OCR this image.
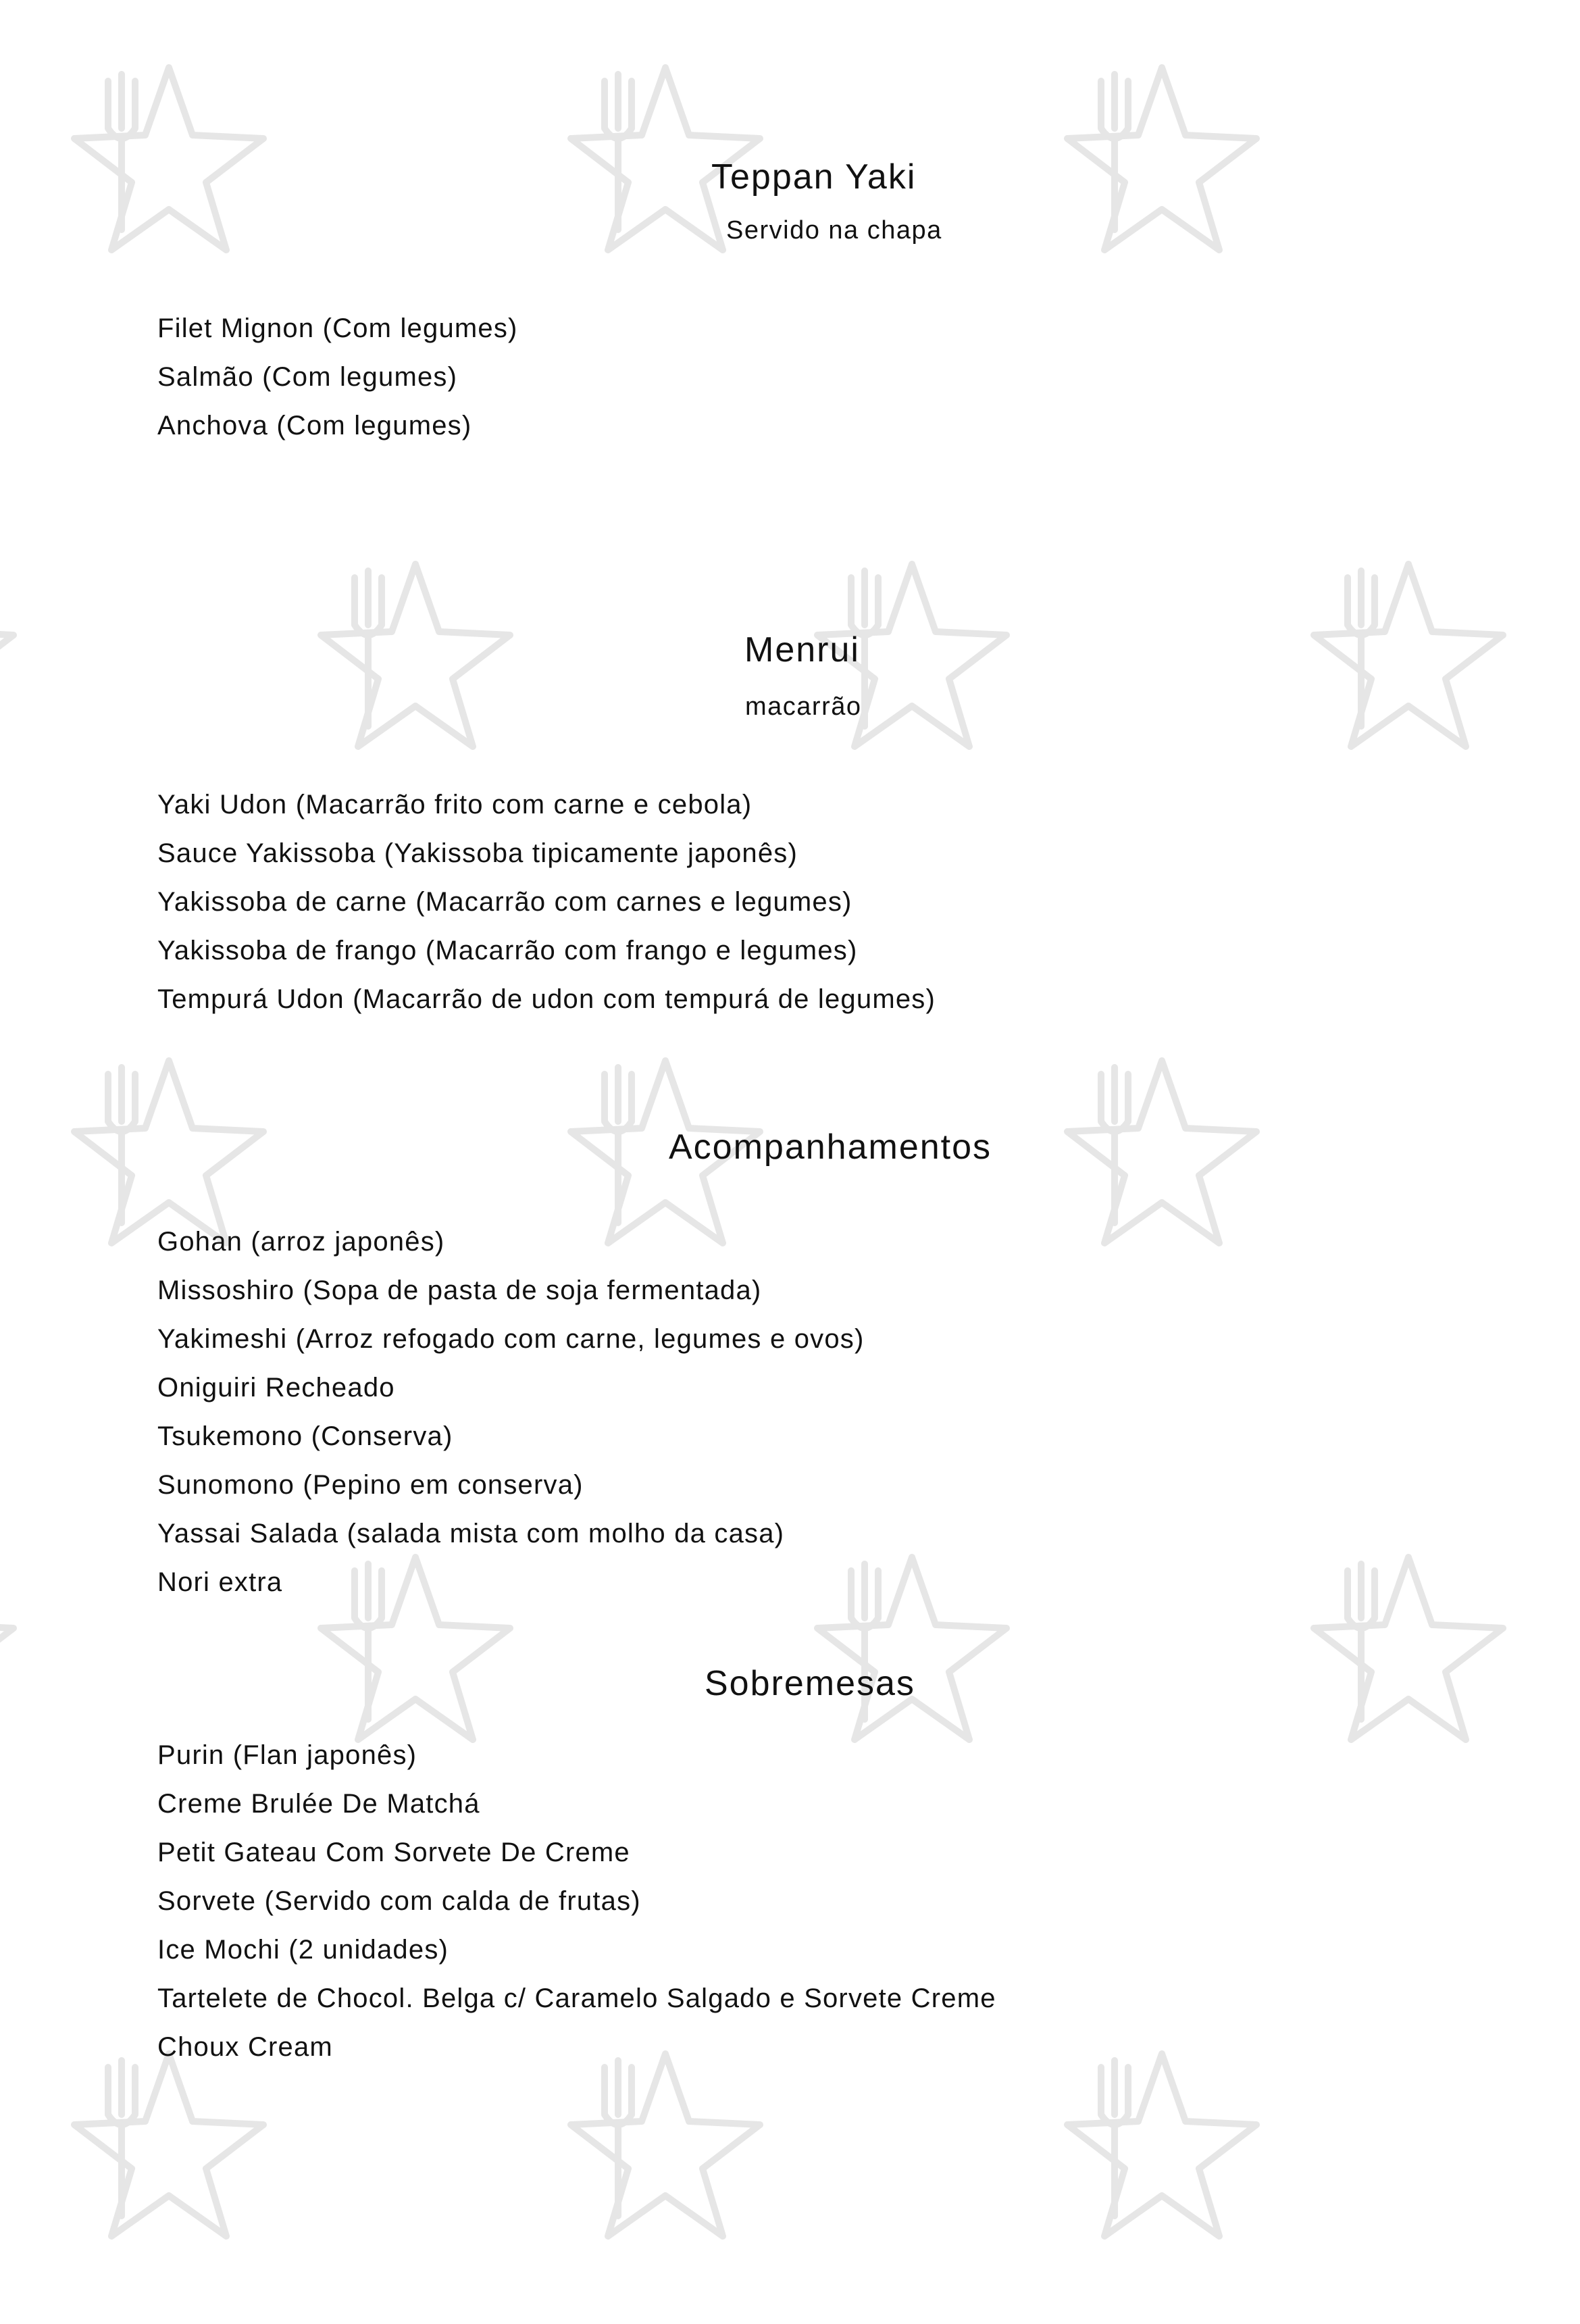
Teppan Yaki
Servido na chapa
Filet Mignon (Com legumes)
Salmão (Com legumes)
Anchova (Com legumes)
Menrui
macarrão
Yaki Udon (Macarrão frito com carne e cebola)
Sauce Yakissoba (Yakissoba tipicamente japonês)
Yakissoba de carne (Macarrão com carnes e legumes)
Yakissoba de frango (Macarrão com frango e legumes)
Tempurá Udon (Macarrão de udon com tempurá de legumes)
Acompanhamentos
Gohan (arroz japonês)
Missoshiro (Sopa de pasta de soja fermentada)
Yakimeshi (Arroz refogado com carne, legumes e ovos)
Oniguiri Recheado
Tsukemono (Conserva)
Sunomono (Pepino em conserva)
Yassai Salada (salada mista com molho da casa)
Nori extra
Sobremesas
Purin (Flan japonês)
Creme Brulée De Matchá
Petit Gateau Com Sorvete De Creme
Sorvete (Servido com calda de frutas)
Ice Mochi (2 unidades)
Tartelete de Chocol. Belga c/ Caramelo Salgado e Sorvete Creme
Choux Cream
